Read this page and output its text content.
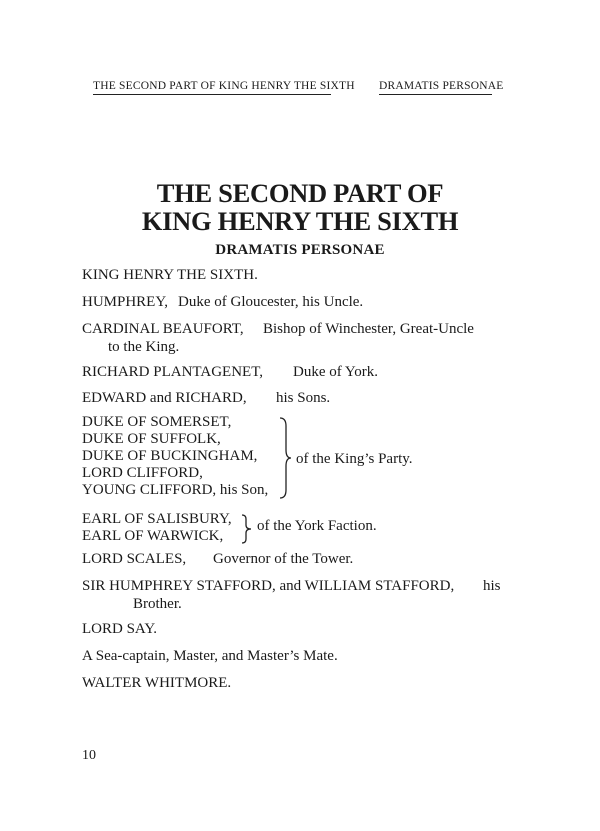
THE SECOND PART OF KING HENRY THE SIXTH DRAMATIS PERSONAE
THE SECOND PART OF
KING HENRY THE SIXTH
DRAMATIS PERSONAE
KING HENRY THE SIXTH.
HUMPHREY, Duke of Gloucester, his Uncle.
CARDINAL BEAUFORT, Bishop of Winchester, Great-Uncle
to the King.
RICHARD PLANTAGENET, Duke of York.
EDWARD and RICHARD, his Sons.
DUKE OF SOMERSET,
DUKE OF SUFFOLK,
DUKE OF BUCKINGHAM,
LORD CLIFFORD,
YOUNG CLIFFORD, his Son,
of the King’s Party.
EARL OF SALISBURY,
EARL OF WARWICK,
of the York Faction.
LORD SCALES, Governor of the Tower.
SIR HUMPHREY STAFFORD, and WILLIAM STAFFORD, his
Brother.
LORD SAY.
A Sea-captain, Master, and Master’s Mate.
WALTER WHITMORE.
10
